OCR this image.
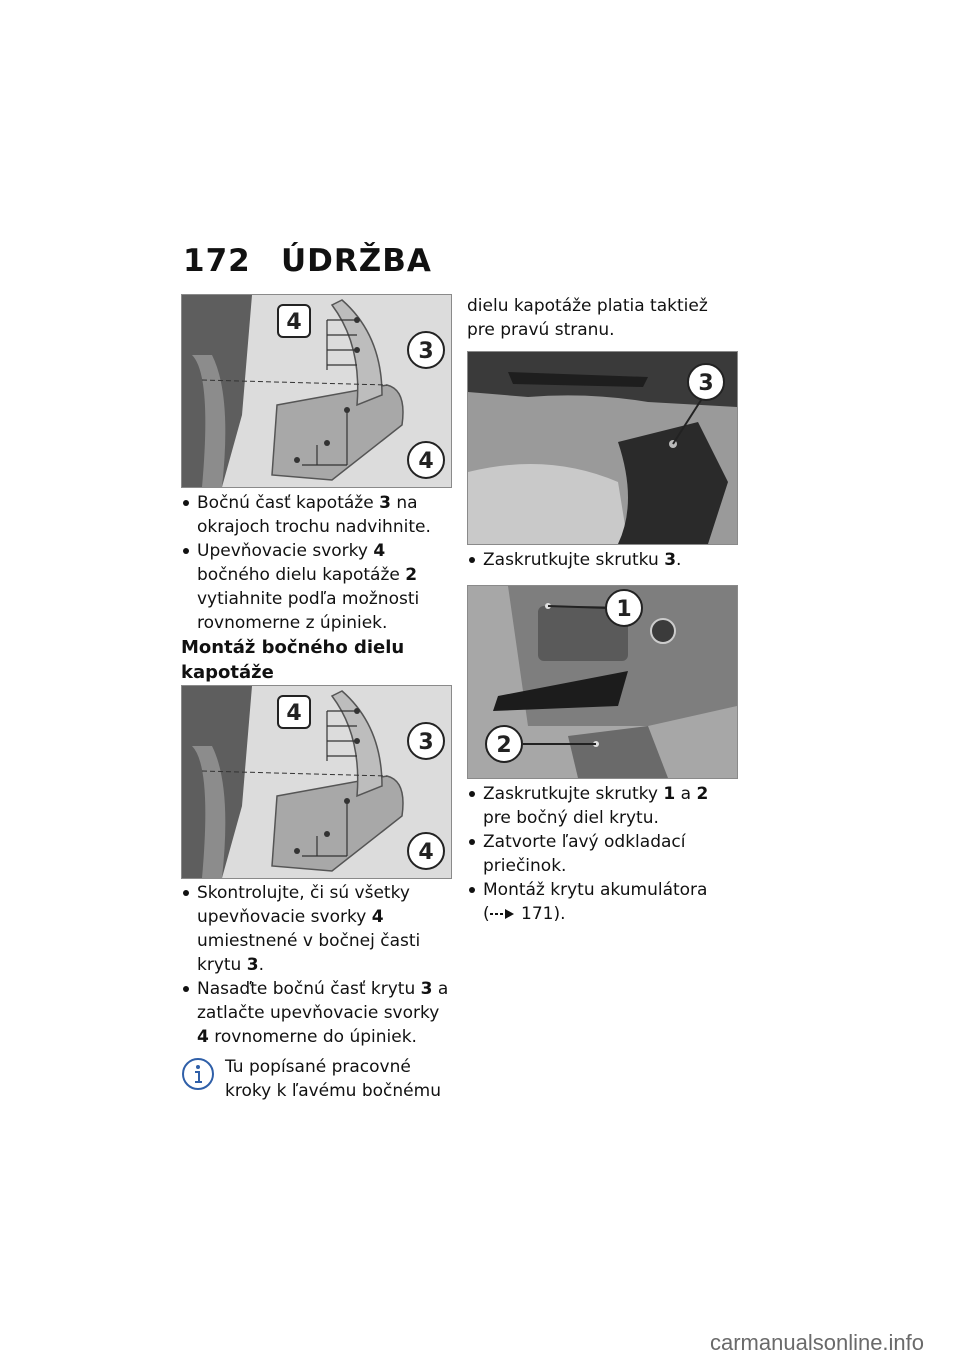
172 ÚDRŽBA
4
3
4

Bočnú časť kapotáže 3 na okrajoch trochu nadvihnite.

Upevňovacie svorky 4 bočného dielu kapotáže 2 vytiahnite podľa možnosti rovnomerne z úpiniek.

Montáž bočného dielu kapotáže

4
3
4

Skontrolujte, či sú všetky upevňovacie svorky 4 umiestnené v bočnej časti krytu 3.

Nasaďte bočnú časť krytu 3 a zatlačte upevňovacie svorky 4 rovnomerne do úpiniek.

Tu popísané pracovné kroky k ľavému bočnému

dielu kapotáže platia taktiež pre pravú stranu.

3

Zaskrutkujte skrutku 3.

1
2

Zaskrutkujte skrutky 1 a 2 pre bočný diel krytu.

Zatvorte ľavý odkladací priečinok.

Montáž krytu akumulátora
( 171).

carmanualsonline.info
